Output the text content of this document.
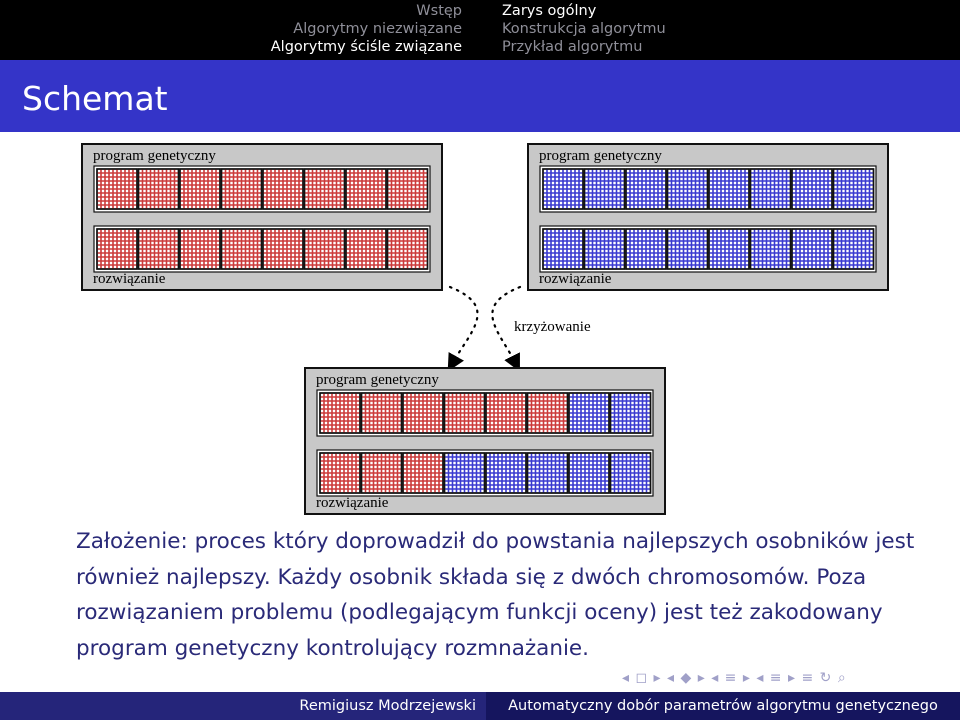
Wstęp
Algorytmy niezwiązane
Algorytmy ściśle związane
Zarys ogólny
Konstrukcja algorytmu
Przykład algorytmu
Schemat
program genetyczny
rozwiązanie
program genetyczny
rozwiązanie
program genetyczny
rozwiązanie
krzyżowanie
Założenie: proces który doprowadził do powstania najlepszych osobników jest również najlepszy. Każdy osobnik składa się z dwóch chromosomów. Poza rozwiązaniem problemu (podlegającym funkcji oceny) jest też zakodowany program genetyczny kontrolujący rozmnażanie.
◂ ◻ ▸ ◂ ◆ ▸ ◂ ≡ ▸ ◂ ≡ ▸ ≡ ↻ ⌕
Remigiusz Modrzejewski	Automatyczny dobór parametrów algorytmu genetycznego
